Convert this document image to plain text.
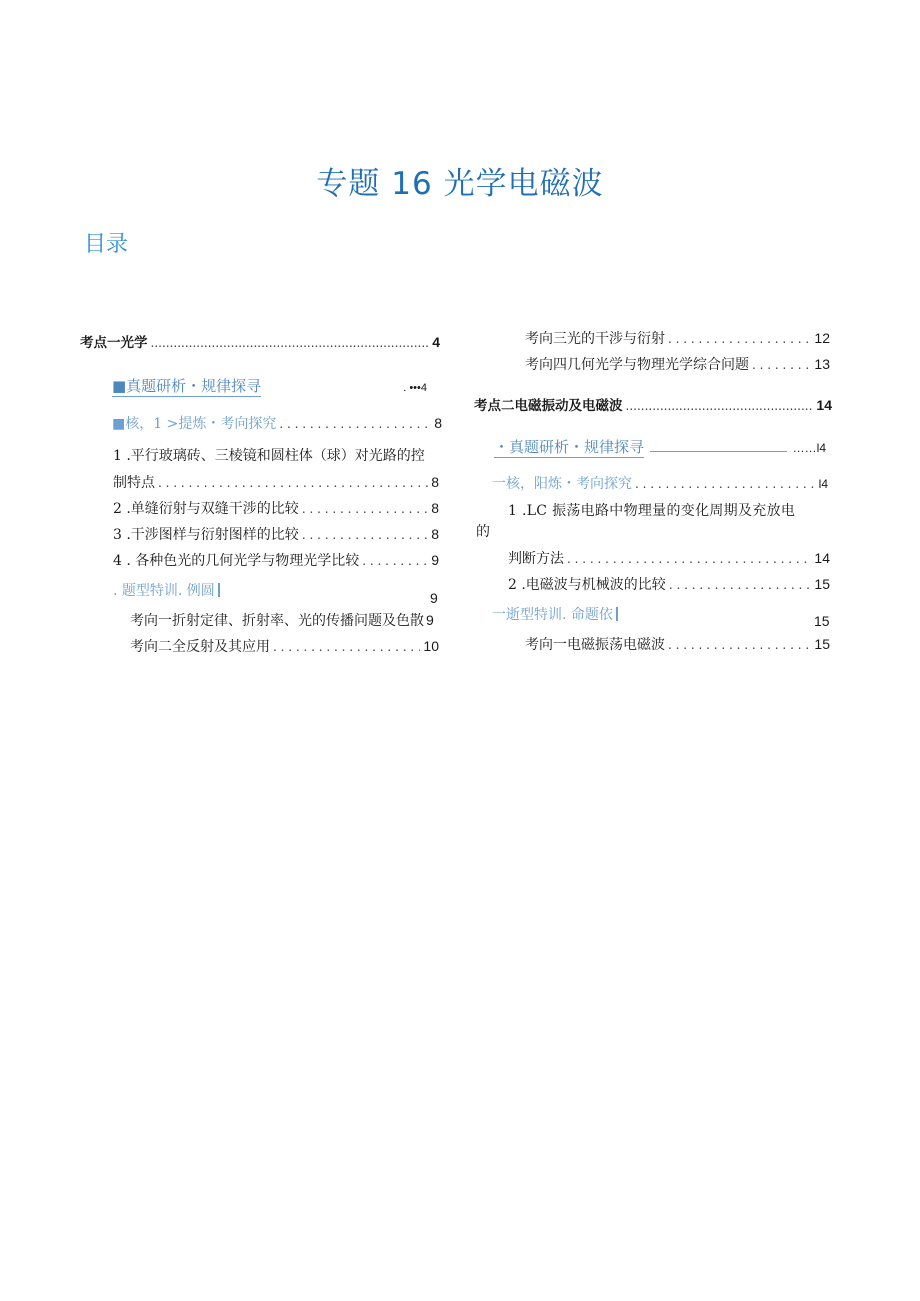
专题 16 光学电磁波
目录
考点一光学 .....	4
■真题研析・规律探寻	. •••4
■核，1 >提炼・考向探究 . . .	8
1 .平行玻璃砖、三棱镜和圆柱体（球）对光路的控
制特点 . . .	8
2 .单缝衍射与双缝干涉的比较 . . .	8
3 .干涉图样与衍射图样的比较 . . .	8
4 . 各种色光的几何光学与物理光学比较 . . .	9
. 题型特训. 例圆	9
考向一折射定律、折射率、光的传播问题及色散 9
考向二全反射及其应用 . . .	10
考向三光的干涉与衍射 . . .	12
考向四几何光学与物理光学综合问题 . . .	13
考点二电磁振动及电磁波 .....	14
・真题研析・规律探寻	……l4
一核，阳炼・考向探究 . . .	l4
1 .LC 振荡电路中物理量的变化周期及充放电
的
判断方法 . . .	14
2 .电磁波与机械波的比较 . . .	15
一逝型特训. 命题依	15
考向一电磁振荡电磁波 . . .	15
